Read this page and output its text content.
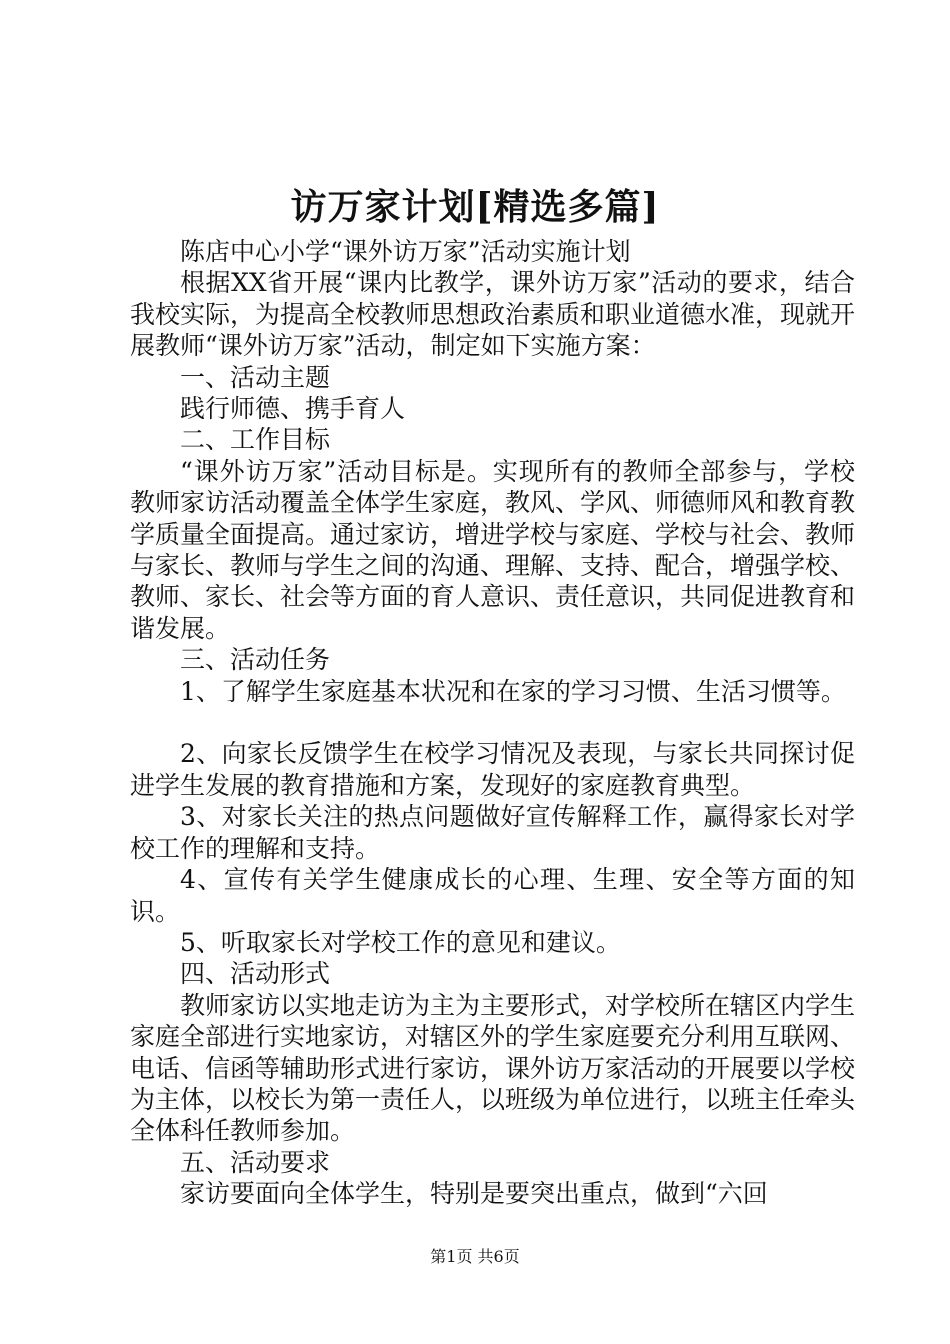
访万家计划[精选多篇]

陈店中心小学“课外访万家”活动实施计划

根据XX省开展“课内比教学，课外访万家”活动的要求，结合我校实际，为提高全校教师思想政治素质和职业道德水准，现就开展教师“课外访万家”活动，制定如下实施方案：

一、活动主题

践行师德、携手育人

二、工作目标

“课外访万家”活动目标是。实现所有的教师全部参与，学校教师家访活动覆盖全体学生家庭，教风、学风、师德师风和教育教学质量全面提高。通过家访，增进学校与家庭、学校与社会、教师与家长、教师与学生之间的沟通、理解、支持、配合，增强学校、教师、家长、社会等方面的育人意识、责任意识，共同促进教育和谐发展。

三、活动任务

1、了解学生家庭基本状况和在家的学习习惯、生活习惯等。

2、向家长反馈学生在校学习情况及表现，与家长共同探讨促进学生发展的教育措施和方案，发现好的家庭教育典型。

3、对家长关注的热点问题做好宣传解释工作，赢得家长对学校工作的理解和支持。

4、宣传有关学生健康成长的心理、生理、安全等方面的知识。

5、听取家长对学校工作的意见和建议。

四、活动形式

教师家访以实地走访为主为主要形式，对学校所在辖区内学生家庭全部进行实地家访，对辖区外的学生家庭要充分利用互联网、电话、信函等辅助形式进行家访，课外访万家活动的开展要以学校为主体，以校长为第一责任人，以班级为单位进行，以班主任牵头全体科任教师参加。

五、活动要求

家访要面向全体学生，特别是要突出重点，做到“六回

第1页 共6页
